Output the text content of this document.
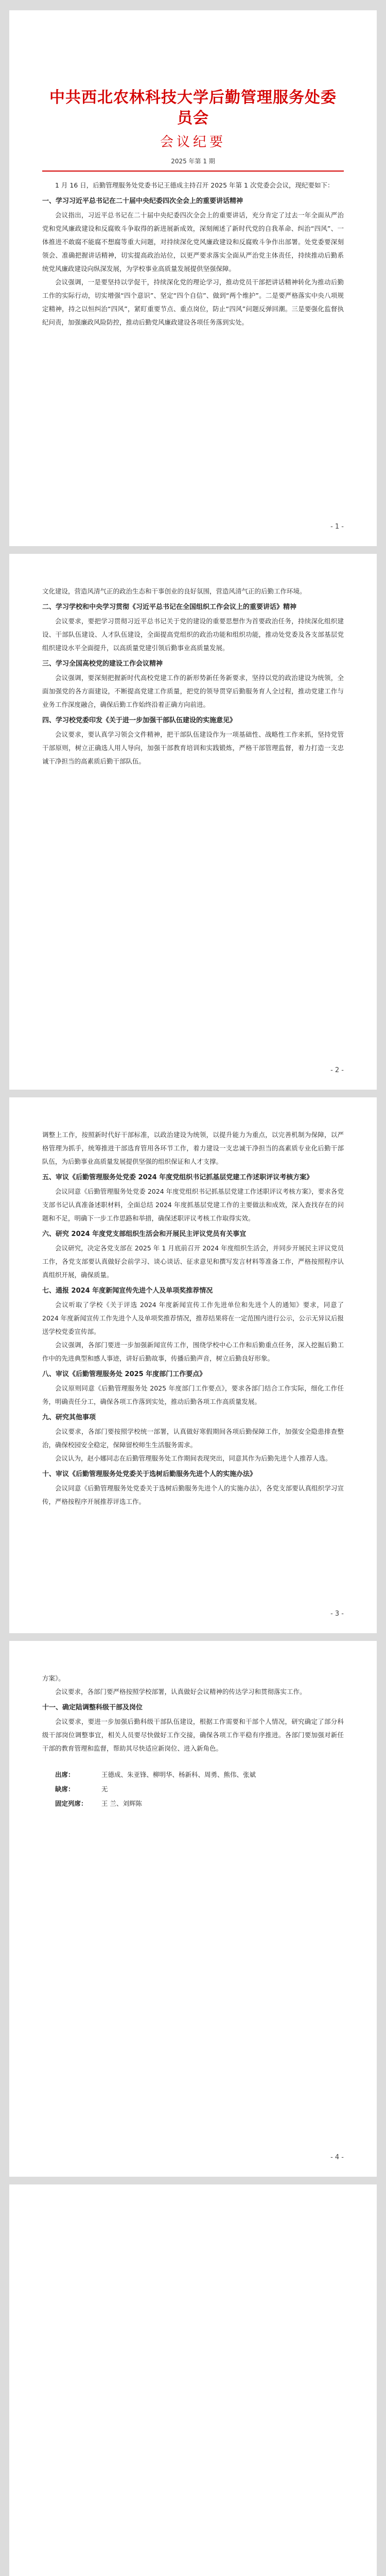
中共西北农林科技大学后勤管理服务处委员会
会议纪要
2025 年第 1 期

1 月 16 日，后勤管理服务处党委书记王德成主持召开 2025 年第 1 次党委会会议，现纪要如下：

一、学习习近平总书记在二十届中央纪委四次全会上的重要讲话精神

会议指出，习近平总书记在二十届中央纪委四次全会上的重要讲话，充分肯定了过去一年全面从严治党和党风廉政建设和反腐败斗争取得的新进展新成效，深刻阐述了新时代党的自我革命、纠治“四风”、一体推进不敢腐不能腐不想腐等重大问题，对持续深化党风廉政建设和反腐败斗争作出部署。处党委要深刻领会、准确把握讲话精神，切实提高政治站位，以更严要求落实全面从严治党主体责任，持续推动后勤系统党风廉政建设向纵深发展，为学校事业高质量发展提供坚强保障。

会议强调，一是要坚持以学促干，持续深化党的理论学习，推动党员干部把讲话精神转化为推动后勤工作的实际行动，切实增强“四个意识”、坚定“四个自信”、做到“两个维护”。二是要严格落实中央八项规定精神，持之以恒纠治“四风”，紧盯重要节点、重点岗位，防止“四风”问题反弹回潮。三是要强化监督执纪问责，加强廉政风险防控，推动后勤党风廉政建设各项任务落到实处。

- 1 -

文化建设，营造风清气正的政治生态和干事创业的良好氛围，营造风清气正的后勤工作环境。

二、学习学校和中央学习贯彻《习近平总书记在全国组织工作会议上的重要讲话》精神

会议要求，要把学习贯彻习近平总书记关于党的建设的重要思想作为首要政治任务，持续深化组织建设、干部队伍建设、人才队伍建设，全面提高党组织的政治功能和组织功能，推动处党委及各支部基层党组织建设水平全面提升，以高质量党建引领后勤事业高质量发展。

三、学习全国高校党的建设工作会议精神

会议强调，要深刻把握新时代高校党建工作的新形势新任务新要求，坚持以党的政治建设为统领，全面加强党的各方面建设，不断提高党建工作质量，把党的领导贯穿后勤服务育人全过程，推动党建工作与业务工作深度融合，确保后勤工作始终沿着正确方向前进。

四、学习校党委印发《关于进一步加强干部队伍建设的实施意见》

会议要求，要认真学习领会文件精神，把干部队伍建设作为一项基础性、战略性工作来抓，坚持党管干部原则，树立正确选人用人导向，加强干部教育培训和实践锻炼，严格干部管理监督，着力打造一支忠诚干净担当的高素质后勤干部队伍。

- 2 -

调整上工作，按照新时代好干部标准，以政治建设为统领，以提升能力为重点，以完善机制为保障，以严格管理为抓手，统筹推进干部选育管用各环节工作，着力建设一支忠诚干净担当的高素质专业化后勤干部队伍，为后勤事业高质量发展提供坚强的组织保证和人才支撑。

五、审议《后勤管理服务处党委 2024 年度党组织书记抓基层党建工作述职评议考核方案》

会议同意《后勤管理服务处党委 2024 年度党组织书记抓基层党建工作述职评议考核方案》，要求各党支部书记认真准备述职材料，全面总结 2024 年度抓基层党建工作的主要做法和成效，深入查找存在的问题和不足，明确下一步工作思路和举措，确保述职评议考核工作取得实效。

六、研究 2024 年度党支部组织生活会和开展民主评议党员有关事宜

会议研究，决定各党支部在 2025 年 1 月底前召开 2024 年度组织生活会，并同步开展民主评议党员工作，各党支部要认真做好会前学习、谈心谈话、征求意见和撰写发言材料等准备工作，严格按照程序认真组织开展，确保质量。

七、通报 2024 年度新闻宣传先进个人及单项奖推荐情况

会议听取了学校《关于评选 2024 年度新闻宣传工作先进单位和先进个人的通知》要求，同意了 2024 年度新闻宣传工作先进个人及单项奖推荐情况，推荐结果将在一定范围内进行公示，公示无异议后报送学校党委宣传部。

会议强调，各部门要进一步加强新闻宣传工作，围绕学校中心工作和后勤重点任务，深入挖掘后勤工作中的先进典型和感人事迹，讲好后勤故事，传播后勤声音，树立后勤良好形象。

八、审议《后勤管理服务处 2025 年度部门工作要点》

会议原则同意《后勤管理服务处 2025 年度部门工作要点》，要求各部门结合工作实际，细化工作任务，明确责任分工，确保各项工作落到实处，推动后勤各项工作高质量发展。

九、研究其他事项

会议要求，各部门要按照学校统一部署，认真做好寒假期间各项后勤保障工作，加强安全隐患排查整治，确保校园安全稳定，保障留校师生生活服务需求。

会议认为，赵小娜同志在后勤管理服务处工作期间表现突出，同意其作为后勤先进个人推荐人选。

十、审议《后勤管理服务处党委关于选树后勤服务先进个人的实施办法》

会议同意《后勤管理服务处党委关于选树后勤服务先进个人的实施办法》，各党支部要认真组织学习宣传，严格按程序开展推荐评选工作。

- 3 -

方案》。

会议要求，各部门要严格按照学校部署，认真做好会议精神的传达学习和贯彻落实工作。

十一、确定陆调整科级干部及岗位

会议要求，要进一步加强后勤科级干部队伍建设，根据工作需要和干部个人情况，研究确定了部分科级干部岗位调整事宜，相关人员要尽快做好工作交接，确保各项工作平稳有序推进。各部门要加强对新任干部的教育管理和监督，帮助其尽快适应新岗位、进入新角色。

出席：	王德成、朱亚锋、柳明华、杨新科、周勇、熊伟、张斌
缺席：	无
固定列席：	王 兰、刘辉陈
- 4 -
